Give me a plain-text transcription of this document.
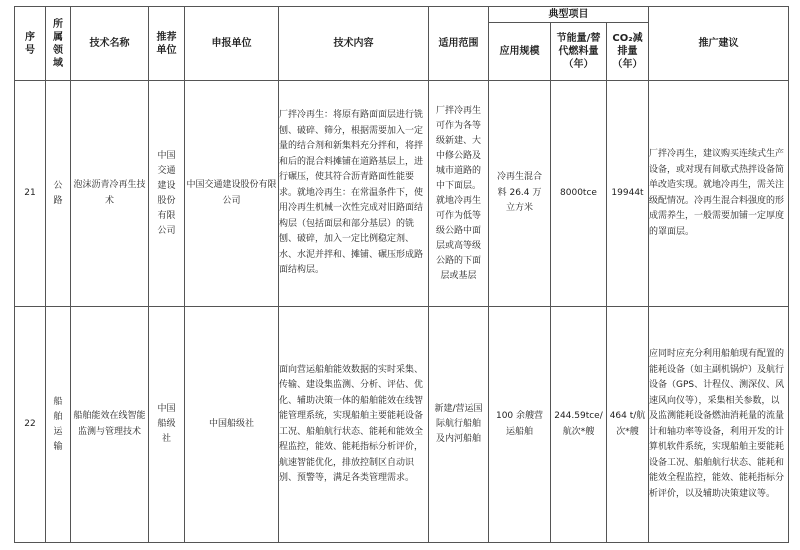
序号	所属领域	技术名称	推荐单位	申报单位	技术内容	适用范围	典型项目			推广建议
							应用规模	节能量/替代燃料量（年）	CO₂减排量（年）	

21	公路	泡沫沥青冷再生技术	中国交通建设股份有限公司	中国交通建设股份有限公司	厂拌冷再生：将原有路面面层进行铣刨、破碎、筛分，根据需要加入一定量的结合剂和新集料充分拌和，将拌和后的混合料摊铺在道路基层上，进行碾压，使其符合沥青路面性能要求。就地冷再生：在常温条件下，使用冷再生机械一次性完成对旧路面结构层（包括面层和部分基层）的铣刨、破碎，加入一定比例稳定剂、水、水泥并拌和、摊铺、碾压形成路面结构层。	厂拌冷再生可作为各等级新建、大中修公路及城市道路的中下面层。就地冷再生可作为低等级公路中面层或高等级公路的下面层或基层	冷再生混合料 26.4 万立方米	8000tce	19944t	厂拌冷再生，建议购买连续式生产设备，或对现有间歇式热拌设备简单改造实现。就地冷再生，需关注级配情况。冷再生混合料强度的形成需养生，一般需要加铺一定厚度的罩面层。
22	船舶运输	船舶能效在线智能监测与管理技术	中国船级社	中国船级社	面向营运船舶能效数据的实时采集、传输、建设集监测、分析、评估、优化、辅助决策一体的船舶能效在线智能管理系统，实现船舶主要能耗设备工况、船舶航行状态、能耗和能效全程监控，能效、能耗指标分析评价，航速智能优化，排放控制区自动识别、预警等，满足各类管理需求。	新建/营运国际航行船舶及内河船舶	100 余艘营运船舶	244.59tce/航次*艘	464 t/航次*艘	应同时应充分利用船舶现有配置的能耗设备（如主副机锅炉）及航行设备（GPS、计程仪、测深仪、风速风向仪等），采集相关参数，以及监测能耗设备燃油消耗量的流量计和轴功率等设备，利用开发的计算机软件系统，实现船舶主要能耗设备工况、船舶航行状态、能耗和能效全程监控，能效、能耗指标分析评价，以及辅助决策建议等。
